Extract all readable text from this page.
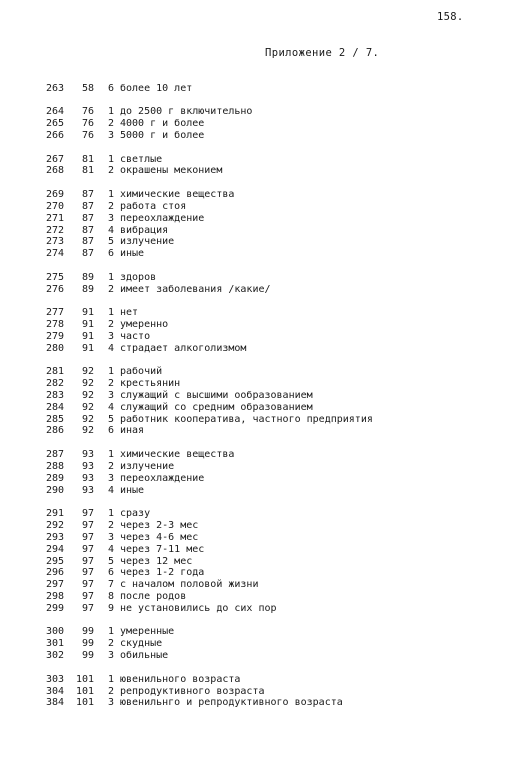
158.
Приложение 2 / 7.
263	58	6 более 10 лет
264	76	1 до 2500 г включительно
265	76	2 4000 г и более
266	76	3 5000 г и более
267	81	1 светлые
268	81	2 окрашены меконием
269	87	1 химические вещества
270	87	2 работа стоя
271	87	3 переохлаждение
272	87	4 вибрация
273	87	5 излучение
274	87	6 иные
275	89	1 здоров
276	89	2 имеет заболевания /какие/
277	91	1 нет
278	91	2 умеренно
279	91	3 часто
280	91	4 страдает алкоголизмом
281	92	1 рабочий
282	92	2 крестьянин
283	92	3 служащий с высшими ообразованием
284	92	4 служащий со средним образованием
285	92	5 работник кооператива, частного предприятия
286	92	6 иная
287	93	1 химические вещества
288	93	2 излучение
289	93	3 переохлаждение
290	93	4 иные
291	97	1 сразу
292	97	2 через 2-3 мес
293	97	3 через 4-6 мес
294	97	4 через 7-11 мес
295	97	5 через 12 мес
296	97	6 через 1-2 года
297	97	7 с началом половой жизни
298	97	8 после родов
299	97	9 не установились до сих пор
300	99	1 умеренные
301	99	2 скудные
302	99	3 обильные
303	101	1 ювенильного возраста
304	101	2 репродуктивного возраста
384	101	3 ювенильнго и репродуктивного возраста
